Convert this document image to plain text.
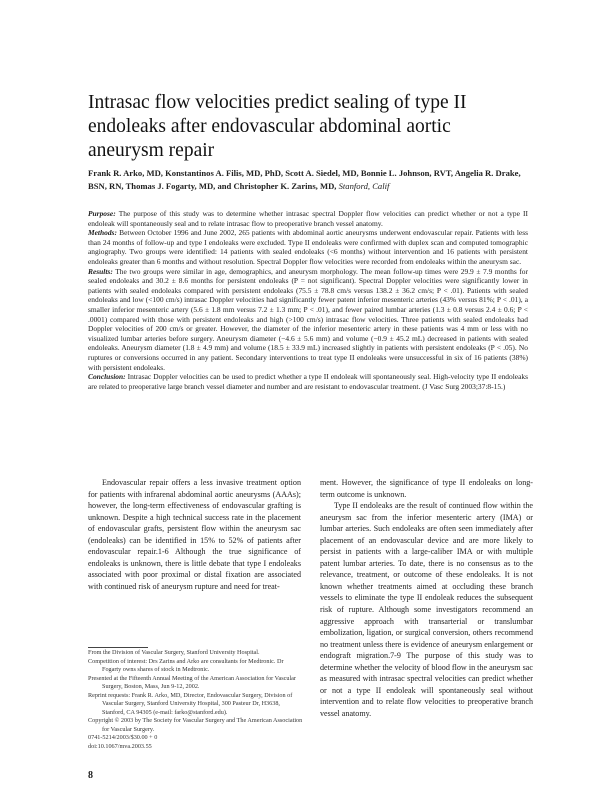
Intrasac flow velocities predict sealing of type II endoleaks after endovascular abdominal aortic aneurysm repair
Frank R. Arko, MD, Konstantinos A. Filis, MD, PhD, Scott A. Siedel, MD, Bonnie L. Johnson, RVT, Angelia R. Drake, BSN, RN, Thomas J. Fogarty, MD, and Christopher K. Zarins, MD, Stanford, Calif

Purpose: The purpose of this study was to determine whether intrasac spectral Doppler flow velocities can predict whether or not a type II endoleak will spontaneously seal and to relate intrasac flow to preoperative branch vessel anatomy.

Methods: Between October 1996 and June 2002, 265 patients with abdominal aortic aneurysms underwent endovascular repair. Patients with less than 24 months of follow-up and type I endoleaks were excluded. Type II endoleaks were confirmed with duplex scan and computed tomographic angiography. Two groups were identified: 14 patients with sealed endoleaks (<6 months) without intervention and 16 patients with persistent endoleaks greater than 6 months and without resolution. Spectral Doppler flow velocities were recorded from endoleaks within the aneurysm sac.

Results: The two groups were similar in age, demographics, and aneurysm morphology. The mean follow-up times were 29.9 ± 7.9 months for sealed endoleaks and 30.2 ± 8.6 months for persistent endoleaks (P = not significant). Spectral Doppler velocities were significantly lower in patients with sealed endoleaks compared with persistent endoleaks (75.5 ± 78.8 cm/s versus 138.2 ± 36.2 cm/s; P < .01). Patients with sealed endoleaks and low (<100 cm/s) intrasac Doppler velocities had significantly fewer patent inferior mesenteric arteries (43% versus 81%; P < .01), a smaller inferior mesenteric artery (5.6 ± 1.8 mm versus 7.2 ± 1.3 mm; P < .01), and fewer paired lumbar arteries (1.3 ± 0.8 versus 2.4 ± 0.6; P < .0001) compared with those with persistent endoleaks and high (>100 cm/s) intrasac flow velocities. Three patients with sealed endoleaks had Doppler velocities of 200 cm/s or greater. However, the diameter of the inferior mesenteric artery in these patients was 4 mm or less with no visualized lumbar arteries before surgery. Aneurysm diameter (−4.6 ± 5.6 mm) and volume (−0.9 ± 45.2 mL) decreased in patients with sealed endoleaks. Aneurysm diameter (1.8 ± 4.9 mm) and volume (18.5 ± 33.9 mL) increased slightly in patients with persistent endoleaks (P < .05). No ruptures or conversions occurred in any patient. Secondary interventions to treat type II endoleaks were unsuccessful in six of 16 patients (38%) with persistent endoleaks.

Conclusion: Intrasac Doppler velocities can be used to predict whether a type II endoleak will spontaneously seal. High-velocity type II endoleaks are related to preoperative large branch vessel diameter and number and are resistant to endovascular treatment. (J Vasc Surg 2003;37:8-15.)

Endovascular repair offers a less invasive treatment option for patients with infrarenal abdominal aortic aneurysms (AAAs); however, the long-term effectiveness of endovascular grafting is unknown. Despite a high technical success rate in the placement of endovascular grafts, persistent flow within the aneurysm sac (endoleaks) can be identified in 15% to 52% of patients after endovascular repair.1-6 Although the true significance of endoleaks is unknown, there is little debate that type I endoleaks associated with poor proximal or distal fixation are associated with continued risk of aneurysm rupture and need for treat-

ment. However, the significance of type II endoleaks on long-term outcome is unknown.

Type II endoleaks are the result of continued flow within the aneurysm sac from the inferior mesenteric artery (IMA) or lumbar arteries. Such endoleaks are often seen immediately after placement of an endovascular device and are more likely to persist in patients with a large-caliber IMA or with multiple patent lumbar arteries. To date, there is no consensus as to the relevance, treatment, or outcome of these endoleaks. It is not known whether treatments aimed at occluding these branch vessels to eliminate the type II endoleak reduces the subsequent risk of rupture. Although some investigators recommend an aggressive approach with transarterial or translumbar embolization, ligation, or surgical conversion, others recommend no treatment unless there is evidence of aneurysm enlargement or endograft migration.7-9 The purpose of this study was to determine whether the velocity of blood flow in the aneurysm sac as measured with intrasac spectral velocities can predict whether or not a type II endoleak will spontaneously seal without intervention and to relate flow velocities to preoperative branch vessel anatomy.

From the Division of Vascular Surgery, Stanford University Hospital.
Competition of interest: Drs Zarins and Arko are consultants for Medtronic. Dr Fogarty owns shares of stock in Medtronic.
Presented at the Fifteenth Annual Meeting of the American Association for Vascular Surgery, Boston, Mass, Jun 9-12, 2002.
Reprint requests: Frank R. Arko, MD, Director, Endovascular Surgery, Division of Vascular Surgery, Stanford University Hospital, 300 Pasteur Dr, H3638, Stanford, CA 94305 (e-mail: farko@stanford.edu).
Copyright © 2003 by The Society for Vascular Surgery and The American Association for Vascular Surgery.
0741-5214/2003/$30.00 + 0
doi:10.1067/mva.2003.55
8
